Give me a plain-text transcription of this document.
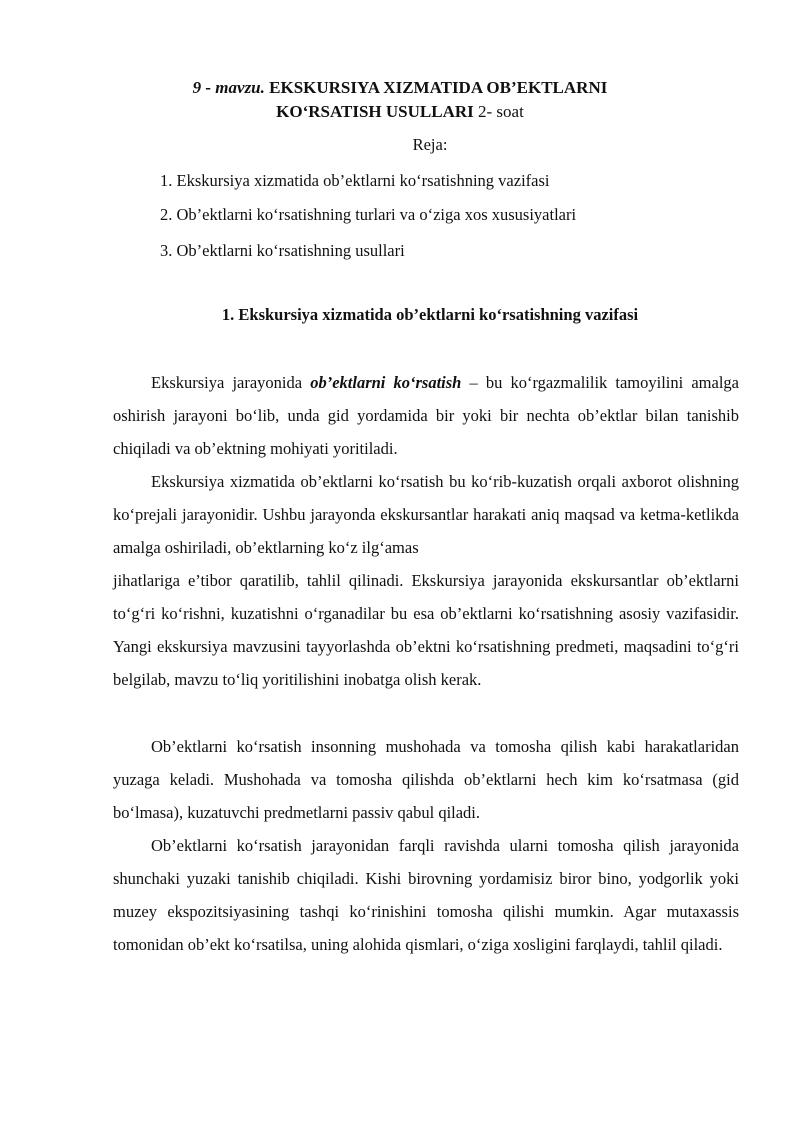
9 - mavzu. EKSKURSIYA XIZMATIDA OB’EKTLARNI
KO‘RSATISH USULLARI 2- soat
Reja:
1. Ekskursiya xizmatida ob’ektlarni ko‘rsatishning vazifasi
2. Ob’ektlarni ko‘rsatishning turlari va o‘ziga xos xususiyatlari
3. Ob’ektlarni ko‘rsatishning usullari
1. Ekskursiya xizmatida ob’ektlarni ko‘rsatishning vazifasi

Ekskursiya jarayonida ob’ektlarni ko‘rsatish – bu ko‘rgazmalilik tamoyilini amalga oshirish jarayoni bo‘lib, unda gid yordamida bir yoki bir nechta ob’ektlar bilan tanishib chiqiladi va ob’ektning mohiyati yoritiladi.

Ekskursiya xizmatida ob’ektlarni ko‘rsatish bu ko‘rib-kuzatish orqali axborot olishning ko‘prejali jarayonidir. Ushbu jarayonda ekskursantlar harakati aniq maqsad va ketma-ketlikda amalga oshiriladi, ob’ektlarning ko‘z ilg‘amas

jihatlariga e’tibor qaratilib, tahlil qilinadi. Ekskursiya jarayonida ekskursantlar ob’ektlarni to‘g‘ri ko‘rishni, kuzatishni o‘rganadilar bu esa ob’ektlarni ko‘rsatishning asosiy vazifasidir. Yangi ekskursiya mavzusini tayyorlashda ob’ektni ko‘rsatishning predmeti, maqsadini to‘g‘ri belgilab, mavzu to‘liq yoritilishini inobatga olish kerak.

Ob’ektlarni ko‘rsatish insonning mushohada va tomosha qilish kabi harakatlaridan yuzaga keladi. Mushohada va tomosha qilishda ob’ektlarni hech kim ko‘rsatmasa (gid bo‘lmasa), kuzatuvchi predmetlarni passiv qabul qiladi.

Ob’ektlarni ko‘rsatish jarayonidan farqli ravishda ularni tomosha qilish jarayonida shunchaki yuzaki tanishib chiqiladi. Kishi birovning yordamisiz biror bino, yodgorlik yoki muzey ekspozitsiyasining tashqi ko‘rinishini tomosha qilishi mumkin. Agar mutaxassis tomonidan ob’ekt ko‘rsatilsa, uning alohida qismlari, o‘ziga xosligini farqlaydi, tahlil qiladi.
